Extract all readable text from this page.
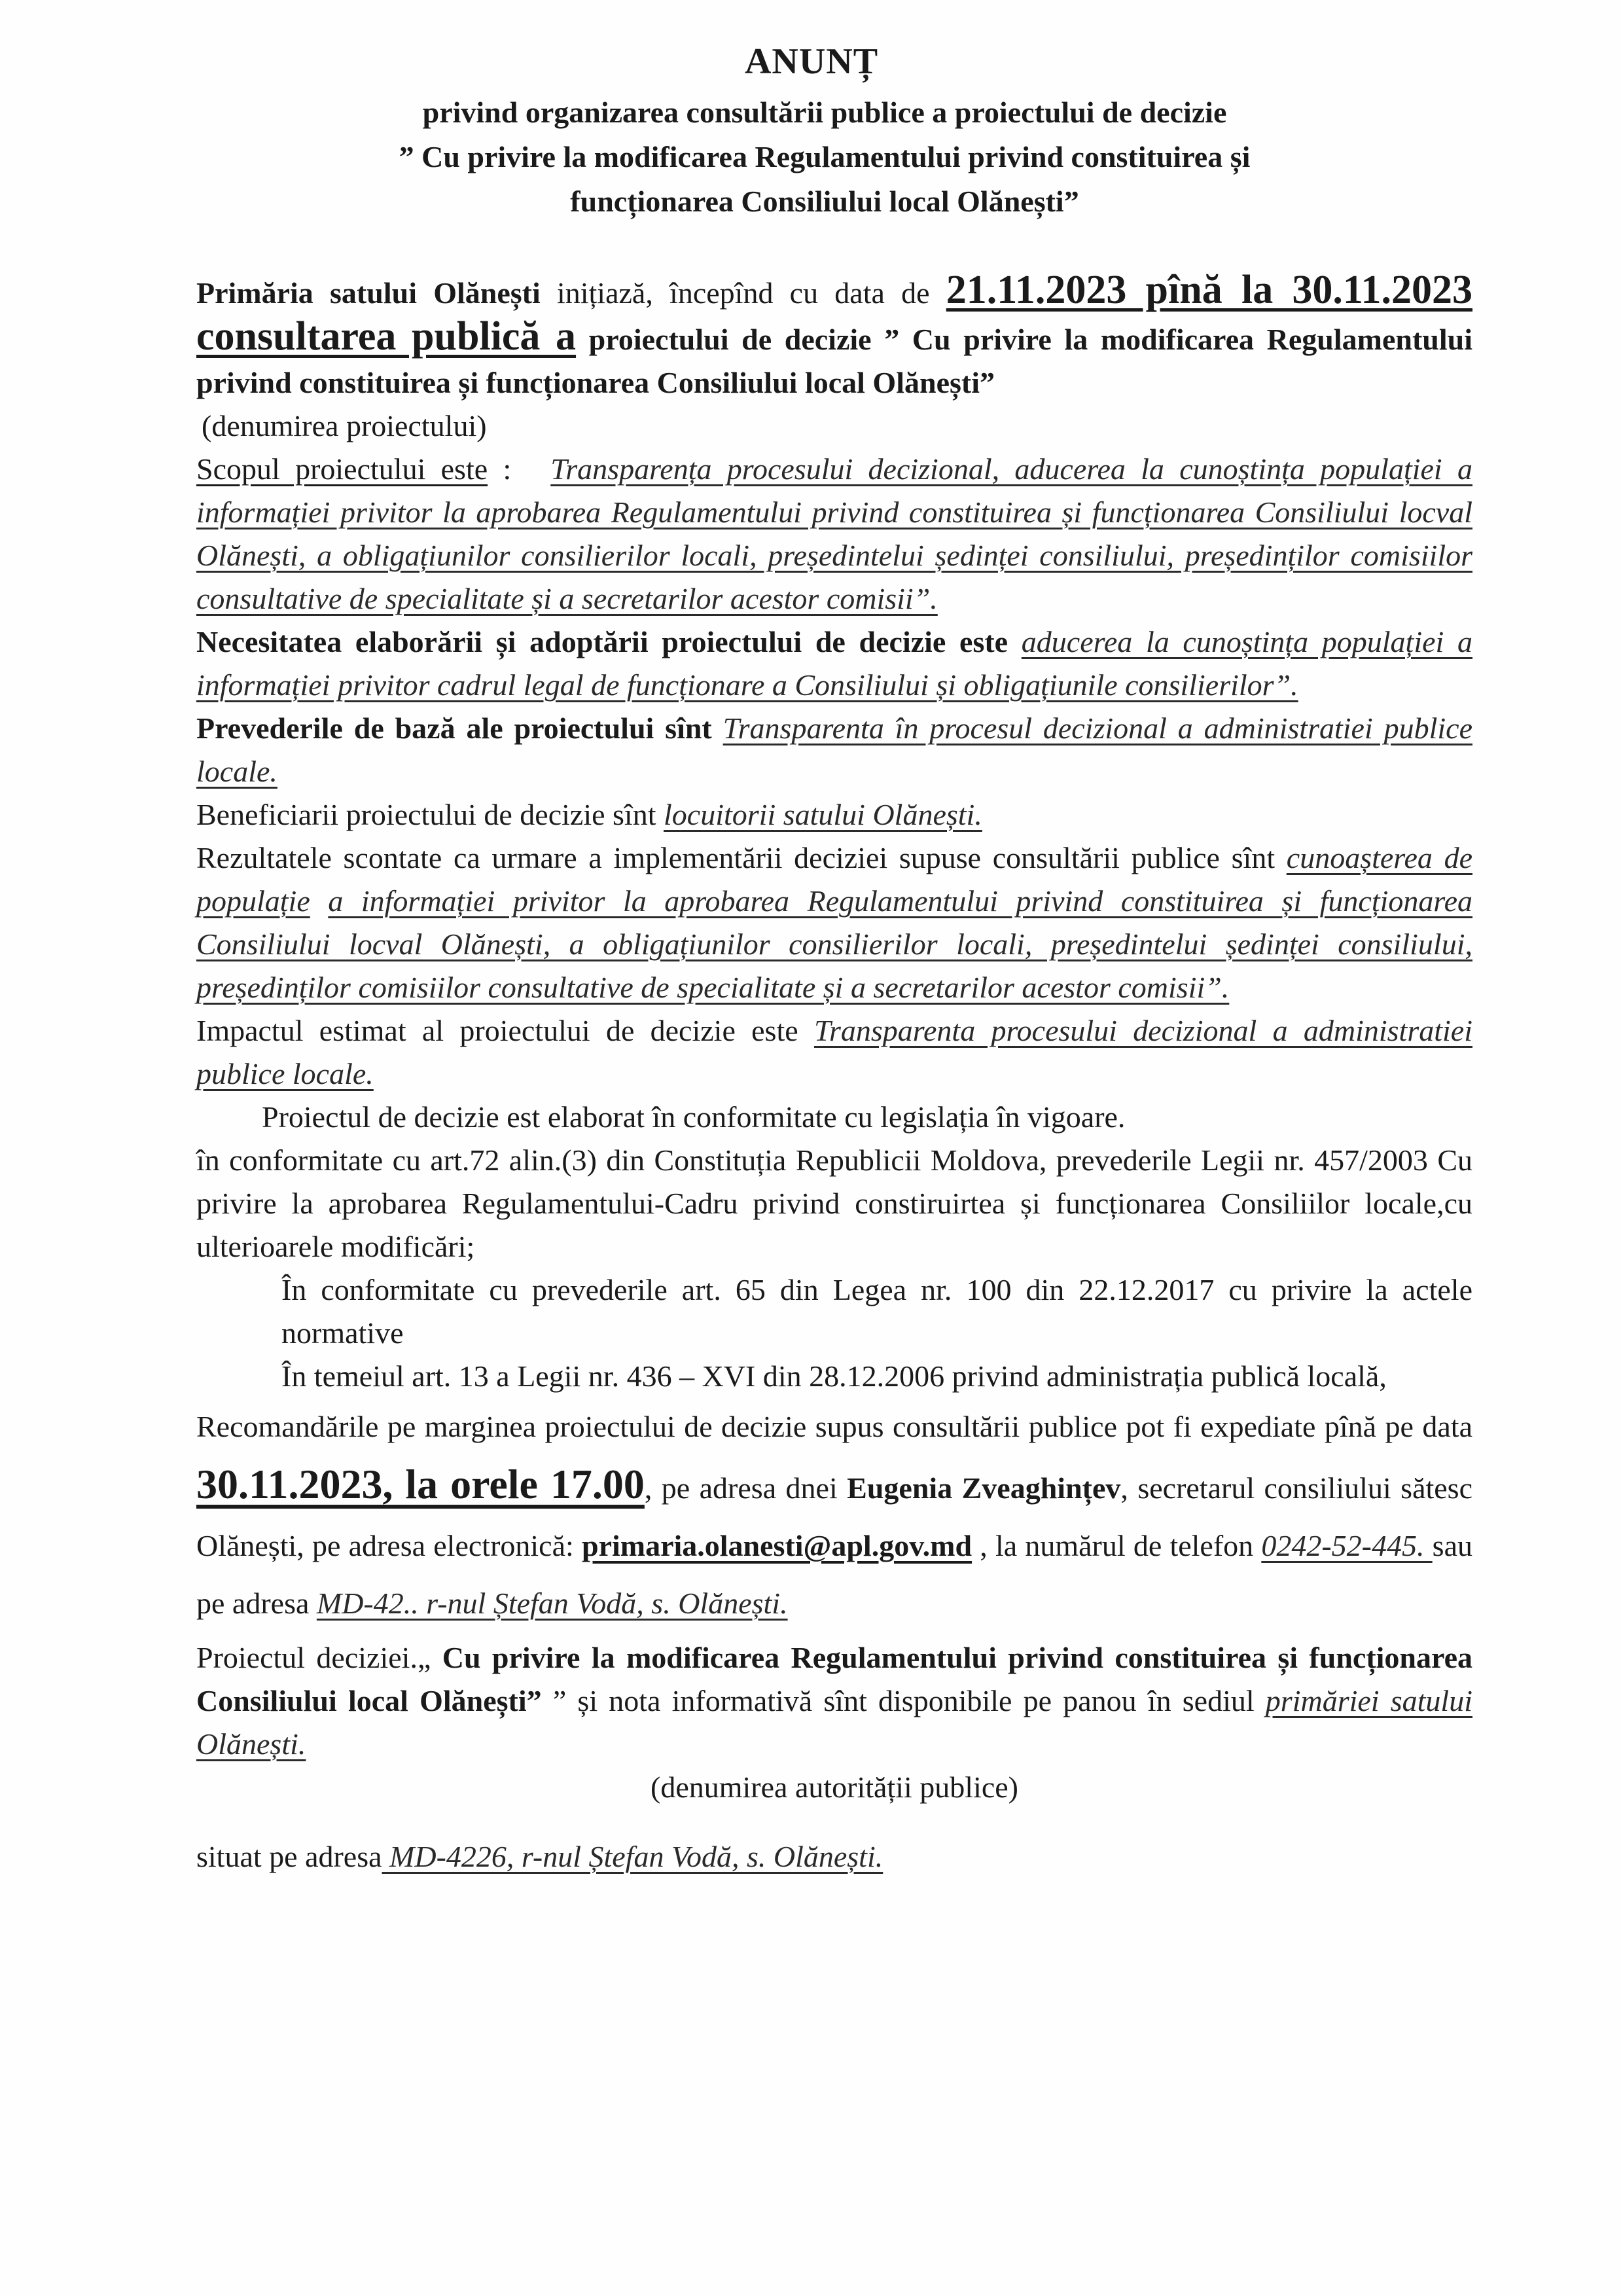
ANUNȚ
privind organizarea consultării publice a proiectului de decizie
” Cu privire la modificarea Regulamentului privind constituirea și
funcționarea Consiliului local Olănești”

Primăria satului Olănești inițiază, începînd cu data de 21.11.2023 pînă la 30.11.2023 consultarea publică a proiectului de decizie ” Cu privire la modificarea Regulamentului privind constituirea și funcționarea Consiliului local Olănești”

(denumirea proiectului)

Scopul proiectului este : Transparența procesului decizional, aducerea la cunoștința populației a informației privitor la aprobarea Regulamentului privind constituirea și funcționarea Consiliului locval Olănești, a obligațiunilor consilierilor locali, președintelui ședinței consiliului, președinților comisiilor consultative de specialitate și a secretarilor acestor comisii”.

Necesitatea elaborării și adoptării proiectului de decizie este aducerea la cunoștința populației a informației privitor cadrul legal de funcționare a Consiliului și obligațiunile consilierilor”.

Prevederile de bază ale proiectului sînt Transparenta în procesul decizional a administratiei publice locale.

Beneficiarii proiectului de decizie sînt locuitorii satului Olănești.

Rezultatele scontate ca urmare a implementării deciziei supuse consultării publice sînt cunoașterea de populație a informației privitor la aprobarea Regulamentului privind constituirea și funcționarea Consiliului locval Olănești, a obligațiunilor consilierilor locali, președintelui ședinței consiliului, președinților comisiilor consultative de specialitate și a secretarilor acestor comisii”.

Impactul estimat al proiectului de decizie este Transparenta procesului decizional a administratiei publice locale.

Proiectul de decizie est elaborat în conformitate cu legislația în vigoare.

în conformitate cu art.72 alin.(3) din Constituția Republicii Moldova, prevederile Legii nr. 457/2003 Cu privire la aprobarea Regulamentului-Cadru privind constiruirtea și funcționarea Consiliilor locale,cu ulterioarele modificări;

În conformitate cu prevederile art. 65 din Legea nr. 100 din 22.12.2017 cu privire la actele normative

În temeiul art. 13 a Legii nr. 436 – XVI din 28.12.2006 privind administrația publică locală,

Recomandările pe marginea proiectului de decizie supus consultării publice pot fi expediate pînă pe data 30.11.2023, la orele 17.00, pe adresa dnei Eugenia Zveaghințev, secretarul consiliului sătesc Olănești, pe adresa electronică: primaria.olanesti@apl.gov.md , la numărul de telefon 0242-52-445. sau pe adresa MD-42.. r-nul Ștefan Vodă, s. Olănești.

Proiectul deciziei.„ Cu privire la modificarea Regulamentului privind constituirea și funcționarea Consiliului local Olănești” ” și nota informativă sînt disponibile pe panou în sediul primăriei satului Olănești.

(denumirea autorității publice)

situat pe adresa MD-4226, r-nul Ștefan Vodă, s. Olănești.
